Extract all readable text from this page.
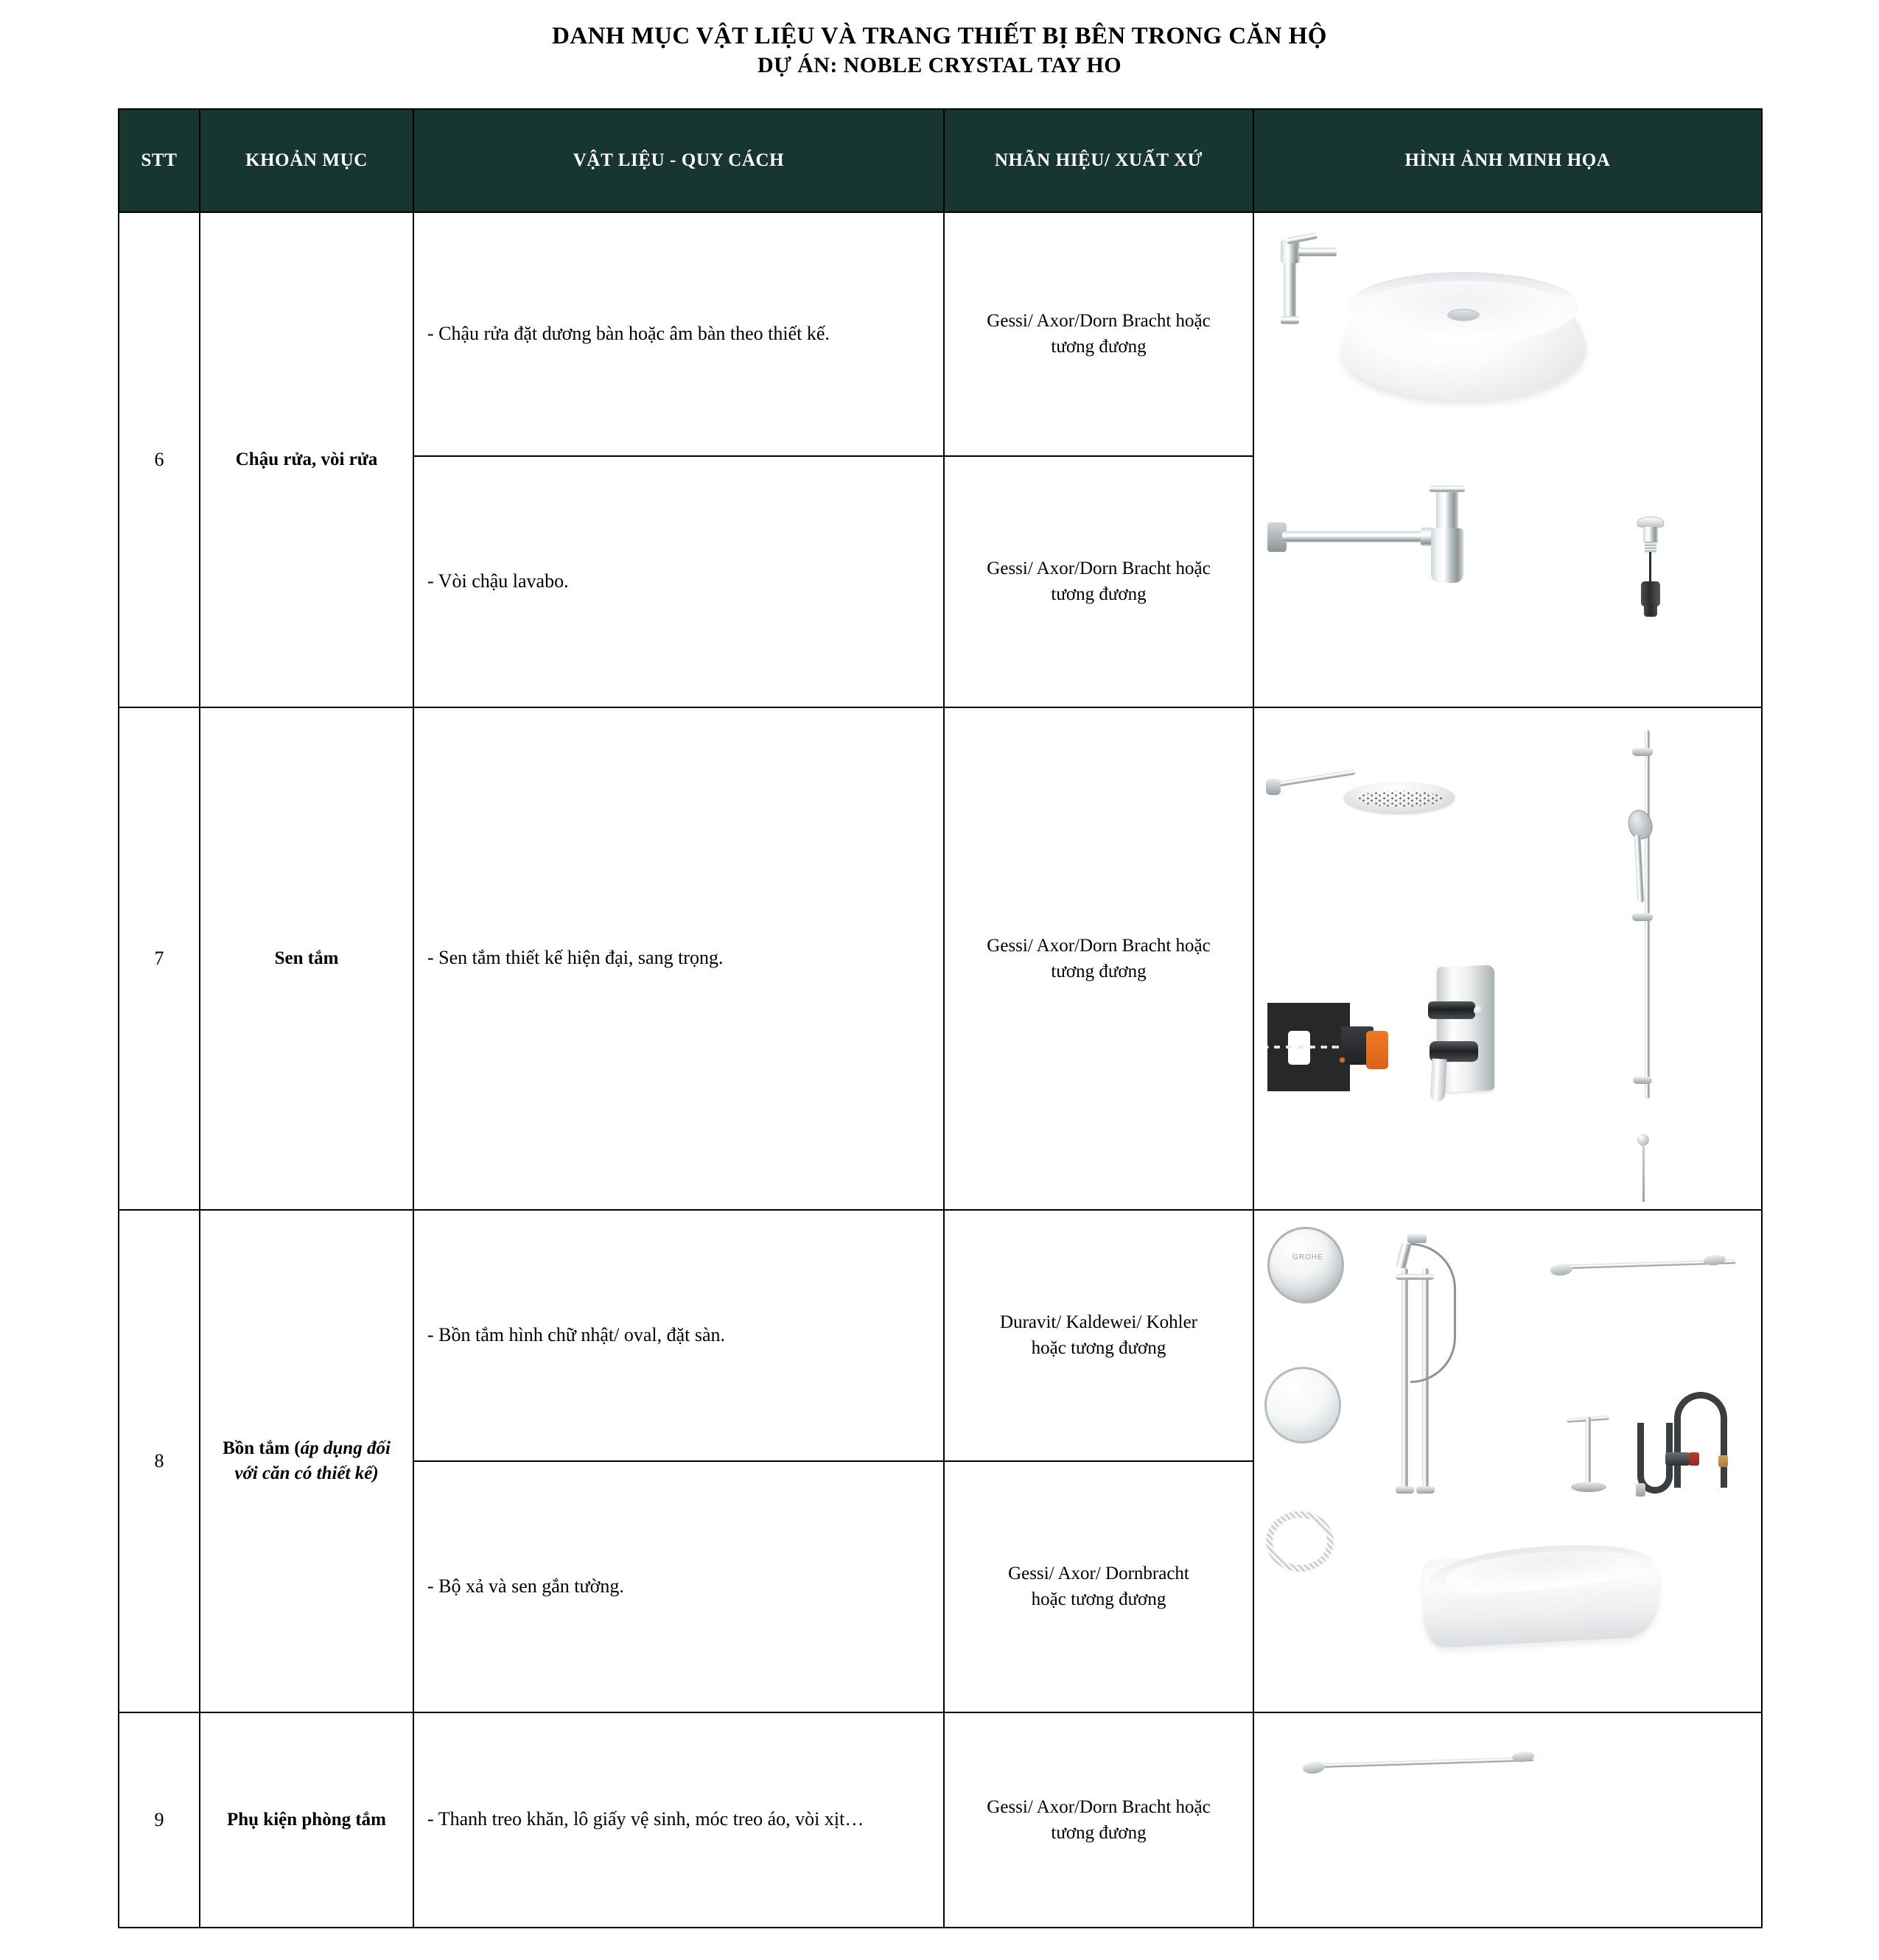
DANH MỤC VẬT LIỆU VÀ TRANG THIẾT BỊ BÊN TRONG CĂN HỘ
DỰ ÁN: NOBLE CRYSTAL TAY HO
STT	KHOẢN MỤC	VẬT LIỆU - QUY CÁCH	NHÃN HIỆU/ XUẤT XỨ	HÌNH ẢNH MINH HỌA
6	Chậu rửa, vòi rửa	- Chậu rửa đặt dương bàn hoặc âm bàn theo thiết kế.	Gessi/ Axor/Dorn Bracht hoặc
tương đương	

		- Vòi chậu lavabo.	Gessi/ Axor/Dorn Bracht hoặc
tương đương	

7	Sen tắm	- Sen tắm thiết kế hiện đại, sang trọng.	Gessi/ Axor/Dorn Bracht hoặc
tương đương	

8	Bồn tắm (áp dụng đối với căn có thiết kế)	- Bồn tắm hình chữ nhật/ oval, đặt sàn.	Duravit/ Kaldewei/ Kohler
hoặc tương đương	GROHE

		- Bộ xả và sen gắn tường.	Gessi/ Axor/ Dornbracht
hoặc tương đương	

9	Phụ kiện phòng tắm	- Thanh treo khăn, lô giấy vệ sinh, móc treo áo, vòi xịt…	Gessi/ Axor/Dorn Bracht hoặc
tương đương	
